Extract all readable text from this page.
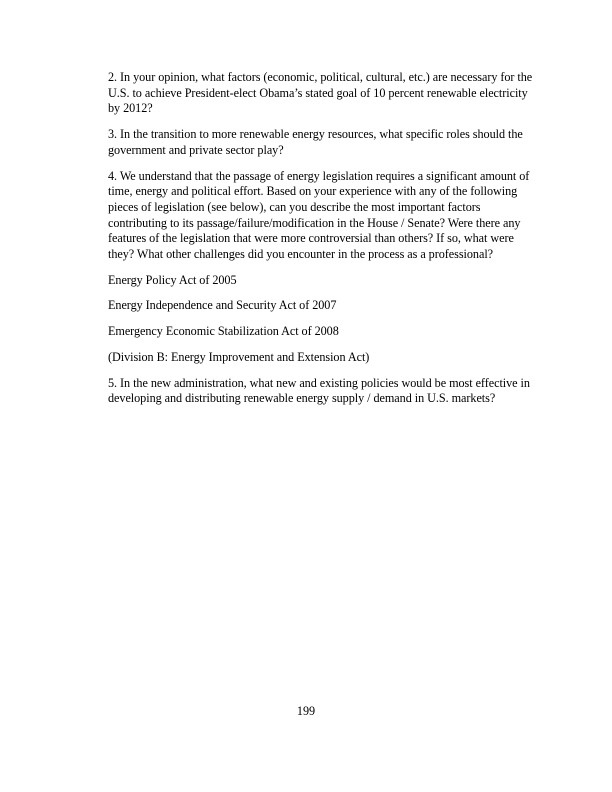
2. In your opinion, what factors (economic, political, cultural, etc.) are necessary for the
U.S. to achieve President-elect Obama’s stated goal of 10 percent renewable electricity
by 2012?

3. In the transition to more renewable energy resources, what specific roles should the
government and private sector play?

4. We understand that the passage of energy legislation requires a significant amount of
time, energy and political effort. Based on your experience with any of the following
pieces of legislation (see below), can you describe the most important factors
contributing to its passage/failure/modification in the House / Senate? Were there any
features of the legislation that were more controversial than others? If so, what were
they? What other challenges did you encounter in the process as a professional?

Energy Policy Act of 2005

Energy Independence and Security Act of 2007

Emergency Economic Stabilization Act of 2008

(Division B: Energy Improvement and Extension Act)

5. In the new administration, what new and existing policies would be most effective in
developing and distributing renewable energy supply / demand in U.S. markets?

199
